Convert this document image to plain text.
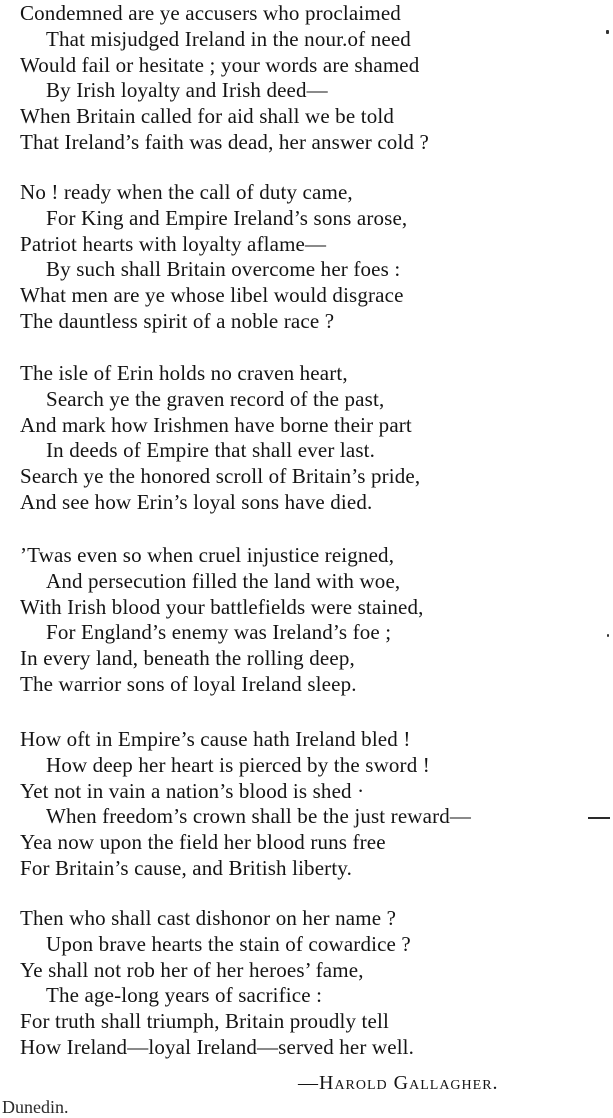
Condemned are ye accusers who proclaimed
That misjudged Ireland in the nour.of need
Would fail or hesitate ; your words are shamed
By Irish loyalty and Irish deed—
When Britain called for aid shall we be told
That Ireland’s faith was dead, her answer cold ?
No ! ready when the call of duty came,
For King and Empire Ireland’s sons arose,
Patriot hearts with loyalty aflame—
By such shall Britain overcome her foes :
What men are ye whose libel would disgrace
The dauntless spirit of a noble race ?
The isle of Erin holds no craven heart,
Search ye the graven record of the past,
And mark how Irishmen have borne their part
In deeds of Empire that shall ever last.
Search ye the honored scroll of Britain’s pride,
And see how Erin’s loyal sons have died.
’Twas even so when cruel injustice reigned,
And persecution filled the land with woe,
With Irish blood your battlefields were stained,
For England’s enemy was Ireland’s foe ;
In every land, beneath the rolling deep,
The warrior sons of loyal Ireland sleep.
How oft in Empire’s cause hath Ireland bled !
How deep her heart is pierced by the sword !
Yet not in vain a nation’s blood is shed ·
When freedom’s crown shall be the just reward—
Yea now upon the field her blood runs free
For Britain’s cause, and British liberty.
Then who shall cast dishonor on her name ?
Upon brave hearts the stain of cowardice ?
Ye shall not rob her of her heroes’ fame,
The age-long years of sacrifice :
For truth shall triumph, Britain proudly tell
How Ireland—loyal Ireland—served her well.
—Harold Gallagher.
Dunedin.
